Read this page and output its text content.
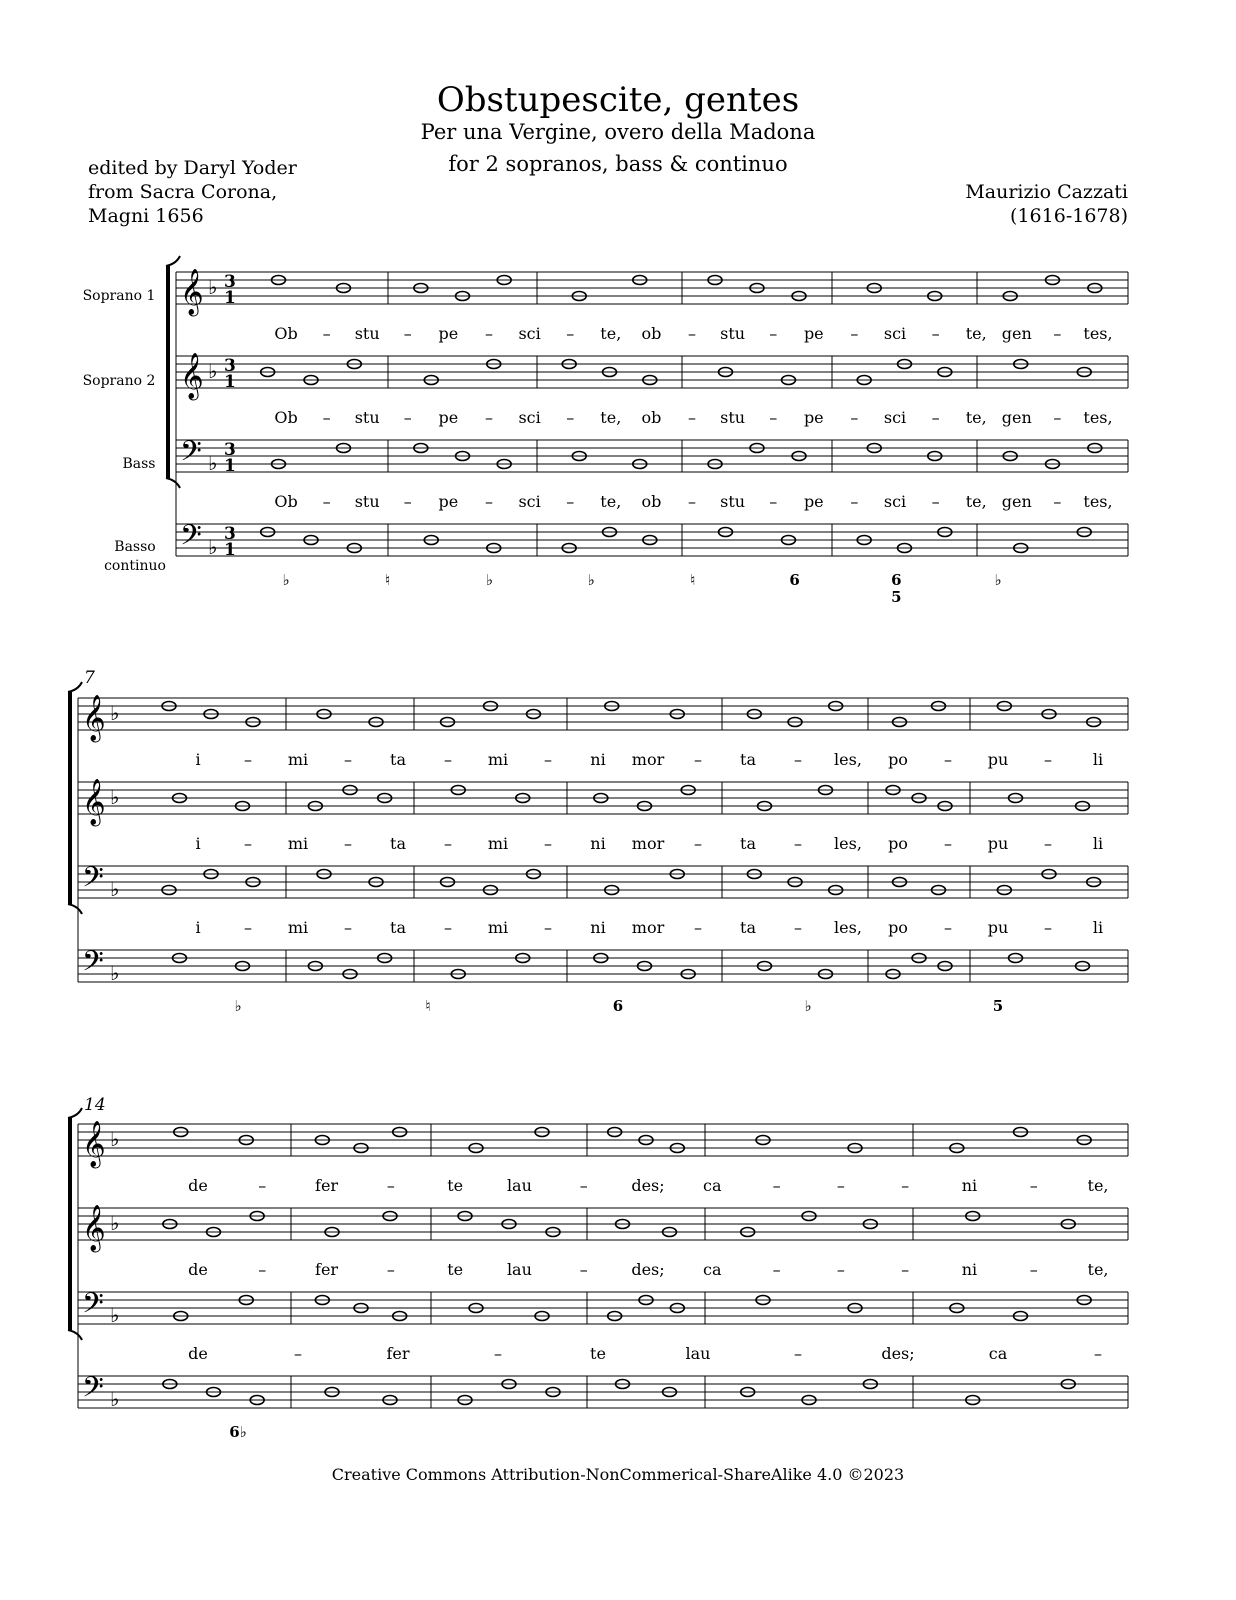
Obstupescite, gentes
Per una Vergine, overo della Madona
for 2 sopranos, bass & continuo
edited by Daryl Yoder
from Sacra Corona,
Magni 1656
Maurizio Cazzati
(1616-1678)
Soprano 1
Soprano 2
Bass
Basso
continuo
7
14
𝄞 ♭ 3
1
𝄞 ♭ 3
1
𝄢 ♭
3
1
𝄢 ♭
3
1
𝄞 ♭
𝄞 ♭
𝄢 ♭
𝄢 ♭
𝄞 ♭
𝄞 ♭
𝄢 ♭
𝄢 ♭
Ob – stu – pe – sci – te, ob – stu – pe – sci – te, gen – tes,
Ob – stu – pe – sci – te, ob – stu – pe – sci – te, gen – tes,
Ob – stu – pe – sci – te, ob – stu – pe – sci – te, gen – tes,
i	– mi – ta – mi – ni mor – ta – les, po – pu –	li
i	– mi – ta – mi – ni mor – ta – les, po – pu –	li
i	– mi – ta – mi – ni mor – ta – les, po – pu –	li
de	–	fer	–	te	lau	–	des; ca	–	–	–	ni	–	te,
de	–	fer	–	te	lau	–	des; ca	–	–	–	ni	–	te,
de	–	fer	–	te	lau	–	des;	ca	–
♭	♮	♭	♭	♮	6	6
5
♭
♭	♮	6	♭	5
6♭
Creative Commons Attribution-NonCommerical-ShareAlike 4.0 ©2023
